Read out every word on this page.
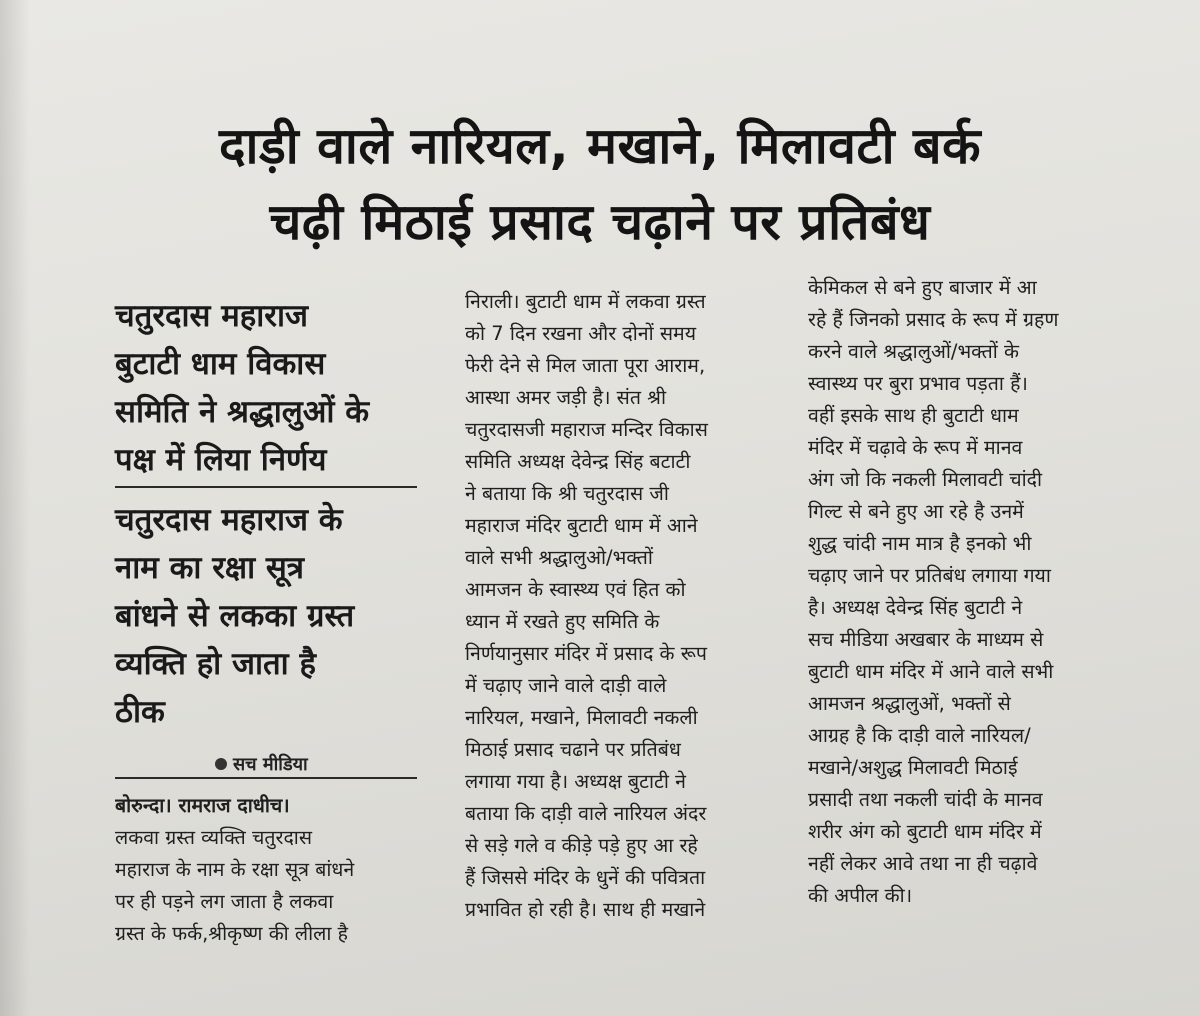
दाड़ी वाले नारियल, मखाने, मिलावटी बर्क
चढ़ी मिठाई प्रसाद चढ़ाने पर प्रतिबंध
चतुरदास महाराज
बुटाटी धाम विकास
समिति ने श्रद्धालुओं के
पक्ष में लिया निर्णय
चतुरदास महाराज के
नाम का रक्षा सूत्र
बांधने से लकका ग्रस्त
व्यक्ति हो जाता है
ठीक
सच मीडिया
बोरुन्दा। रामराज दाधीच।
लकवा ग्रस्त व्यक्ति चतुरदास
महाराज के नाम के रक्षा सूत्र बांधने
पर ही पड़ने लग जाता है लकवा
ग्रस्त के फर्क,श्रीकृष्ण की लीला है
निराली। बुटाटी धाम में लकवा ग्रस्त
को 7 दिन रखना और दोनों समय
फेरी देने से मिल जाता पूरा आराम,
आस्था अमर जड़ी है। संत श्री
चतुरदासजी महाराज मन्दिर विकास
समिति अध्यक्ष देवेन्द्र सिंह बटाटी
ने बताया कि श्री चतुरदास जी
महाराज मंदिर बुटाटी धाम में आने
वाले सभी श्रद्धालुओ/भक्तों
आमजन के स्वास्थ्य एवं हित को
ध्यान में रखते हुए समिति के
निर्णयानुसार मंदिर में प्रसाद के रूप
में चढ़ाए जाने वाले दाड़ी वाले
नारियल, मखाने, मिलावटी नकली
मिठाई प्रसाद चढाने पर प्रतिबंध
लगाया गया है। अध्यक्ष बुटाटी ने
बताया कि दाड़ी वाले नारियल अंदर
से सड़े गले व कीड़े पड़े हुए आ रहे
हैं जिससे मंदिर के धुनें की पवित्रता
प्रभावित हो रही है। साथ ही मखाने
केमिकल से बने हुए बाजार में आ
रहे हैं जिनको प्रसाद के रूप में ग्रहण
करने वाले श्रद्धालुओं/भक्तों के
स्वास्थ्य पर बुरा प्रभाव पड़ता हैं।
वहीं इसके साथ ही बुटाटी धाम
मंदिर में चढ़ावे के रूप में मानव
अंग जो कि नकली मिलावटी चांदी
गिल्ट से बने हुए आ रहे है उनमें
शुद्ध चांदी नाम मात्र है इनको भी
चढ़ाए जाने पर प्रतिबंध लगाया गया
है। अध्यक्ष देवेन्द्र सिंह बुटाटी ने
सच मीडिया अखबार के माध्यम से
बुटाटी धाम मंदिर में आने वाले सभी
आमजन श्रद्धालुओं, भक्तों से
आग्रह है कि दाड़ी वाले नारियल/
मखाने/अशुद्ध मिलावटी मिठाई
प्रसादी तथा नकली चांदी के मानव
शरीर अंग को बुटाटी धाम मंदिर में
नहीं लेकर आवे तथा ना ही चढ़ावे
की अपील की।
